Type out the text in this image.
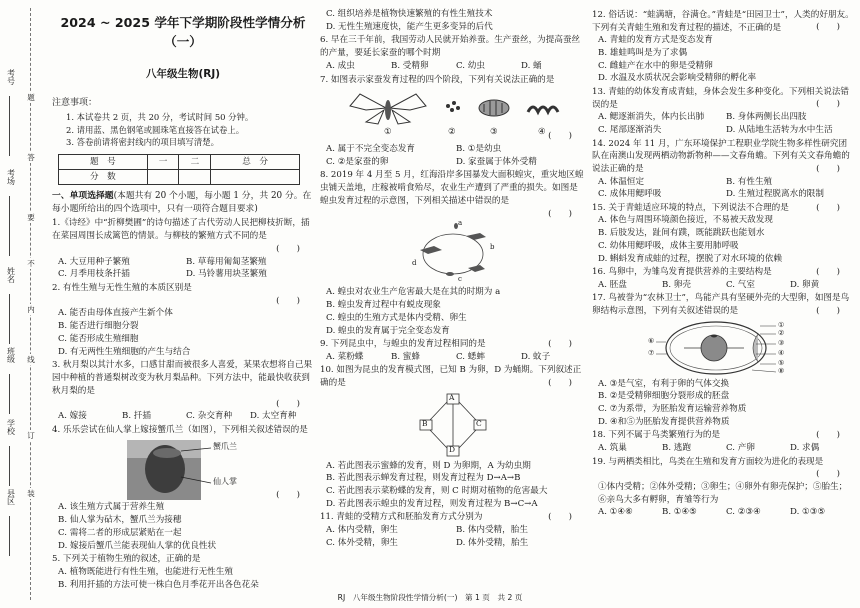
考号
考场
姓名
班级
学校
县区
题
答
要
不
内
线
订
装
2024 ~ 2025 学年下学期阶段性学情分析（一）
八年级生物(RJ)
注意事项：

1. 本试卷共 2 页，共 20 分，考试时间 50 分钟。

2. 请用蓝、黑色钢笔或圆珠笔直接答在试卷上。

3. 答卷前请将密封线内的项目填写清楚。

题　号	一	二	总　分
分　数			
一、单项选择题(本题共有 20 个小题，每小题 1 分，共 20 分。在每小题所给出的四个选项中，只有一项符合题目要求)
1.《诗经》中“折柳樊圃”的诗句描述了古代劳动人民把柳枝折断，插在菜园周围长成篱笆的情景。与柳枝的繁殖方式不同的是
(　　)
A. 大豆用种子繁殖	B. 草莓用匍匐茎繁殖
C. 月季用枝条扦插	D. 马铃薯用块茎繁殖
2. 有性生殖与无性生殖的本质区别是
(　　)
A. 能否由母体直接产生新个体
B. 能否进行细胞分裂
C. 能否形成生殖细胞
D. 有无两性生殖细胞的产生与结合
3. 秋月梨以其汁水多，口感甘甜而被很多人喜爱，某果农想将自己果园中种植的普通梨树改变为秋月梨品种。下列方法中，能最快收获到秋月梨的是
(　　)
A. 嫁接	B. 扦插	C. 杂交育种	D. 太空育种
4. 乐乐尝试在仙人掌上嫁接蟹爪兰（如图），下列相关叙述错误的是
蟹爪兰
仙人掌
(　　)
A. 该生殖方式属于营养生殖
B. 仙人掌为砧木，蟹爪兰为接穗
C. 需将二者的形成层紧贴在一起
D. 嫁接后蟹爪兰能表现仙人掌的优良性状
5. 下列关于植物生殖的叙述，正确的是
A. 植物既能进行有性生殖，也能进行无性生殖
B. 利用扦插的方法可使一株白色月季花开出各色花朵
C. 组织培养是植物快速繁殖的有性生殖技术
D. 无性生殖速度快，能产生更多变异的后代
6. 早在三千年前，我国劳动人民就开始养蚕。生产蚕丝，为提高蚕丝的产量，要延长家蚕的哪个时期
A. 成虫	B. 受精卵	C. 幼虫	D. 蛹
7. 如图表示家蚕发育过程的四个阶段，下列有关说法正确的是
①	②	③	④ (　　)
A. 属于不完全变态发育	B. ①是幼虫
C. ②是家蚕的卵	D. 家蚕属于体外受精
8. 2019 年 4 月至 5 月，红海沿岸多国暴发大面积蝗灾，重灾地区蝗虫铺天盖地，庄稼被啃食殆尽，农业生产遭到了严重的损失。如图是蝗虫发育过程的示意图，下列相关描述中错误的是
(　　)
a
b
c
d
A. 蝗虫对农业生产危害最大是在其的时期为 a
B. 蝗虫发育过程中有蜕皮现象
C. 蝗虫的生殖方式是体内受精、卵生
D. 蝗虫的发育属于完全变态发育
9. 下列昆虫中，与蝗虫的发育过程相同的是	(　　)
A. 菜粉蝶	B. 蜜蜂	C. 蟋蟀	D. 蚊子
10. 如图为昆虫的发育模式图，已知 B 为卵，D 为蛹期。下列叙述正确的是	(　　)
A
B	C
D
A. 若此图表示蜜蜂的发育，则 D 为卵期，A 为幼虫期
B. 若此图表示蝉发育过程，则发育过程为 D→A→B
C. 若此图表示菜粉蝶的发育，则 C 时期对植物的危害最大
D. 若此图表示蝗虫的发育过程，则发育过程为 B→C→A
11. 青蛙的受精方式和胚胎发育方式分别为	(　　)
A. 体内受精，卵生	B. 体内受精，胎生
C. 体外受精，卵生	D. 体外受精，胎生
12. 俗话说：“蛙满塘，谷满仓。”青蛙是“田园卫士”，人类的好朋友。下列有关青蛙生殖和发育过程的描述，不正确的是	(　　)
A. 青蛙的发育方式是变态发育
B. 雄蛙鸣叫是为了求偶
C. 雌蛙产在水中的卵是受精卵
D. 水温及水质状况会影响受精卵的孵化率
13. 青蛙的幼体发育成青蛙，身体会发生多种变化。下列相关说法错误的是	(　　)
A. 鳃逐渐消失，体内长出肺	B. 身体两侧长出四肢
C. 尾部逐渐消失	D. 从陆地生活转为水中生活
14. 2024 年 11 月，广东环境保护工程职业学院生物多样性研究团队在南澳山发现两栖动物新物种——文春角蟾。下列有关文春角蟾的说法正确的是	(　　)
A. 体温恒定	B. 有性生殖
C. 成体用鳃呼吸	D. 生殖过程脱离水的限制
15. 关于青蛙适应环境的特点，下列说法不合理的是	(　　)
A. 体色与周围环境颜色接近，不易被天敌发现
B. 后肢发达，趾间有蹼，既能跳跃也能划水
C. 幼体用鳃呼吸，成体主要用肺呼吸
D. 蝌蚪发育成蛙的过程，摆脱了对水环境的依赖
16. 鸟卵中，为雏鸟发育提供营养的主要结构是	(　　)
A. 胚盘	B. 卵壳	C. 气室	D. 卵黄
17. 鸟被誉为“农林卫士”，鸟能产具有坚硬外壳的大型卵，如图是鸟卵结构示意图，下列有关叙述错误的是	(　　)
①
②
③
④
⑤
⑥
⑦
⑧
A. ③是气室，有利于卵的气体交换
B. ②是受精卵细胞分裂形成的胚盘
C. ⑦为系带，为胚胎发育运输营养物质
D. ④和⑤为胚胎发育提供营养物质
18. 下列不属于鸟类繁殖行为的是	(　　)
A. 筑巢	B. 逃跑	C. 产卵	D. 求偶
19. 与两栖类相比，鸟类在生殖和发育方面较为进化的表现是
(　　)
①体内受精；②体外受精；③卵生；④卵外有卵壳保护；⑤胎生；⑥亲鸟大多有孵卵，育雏等行为
A. ①④⑥	B. ①④⑤	C. ②③④	D. ①③⑤
RJ　八年级生物阶段性学情分析(一)　第 1 页　共 2 页
